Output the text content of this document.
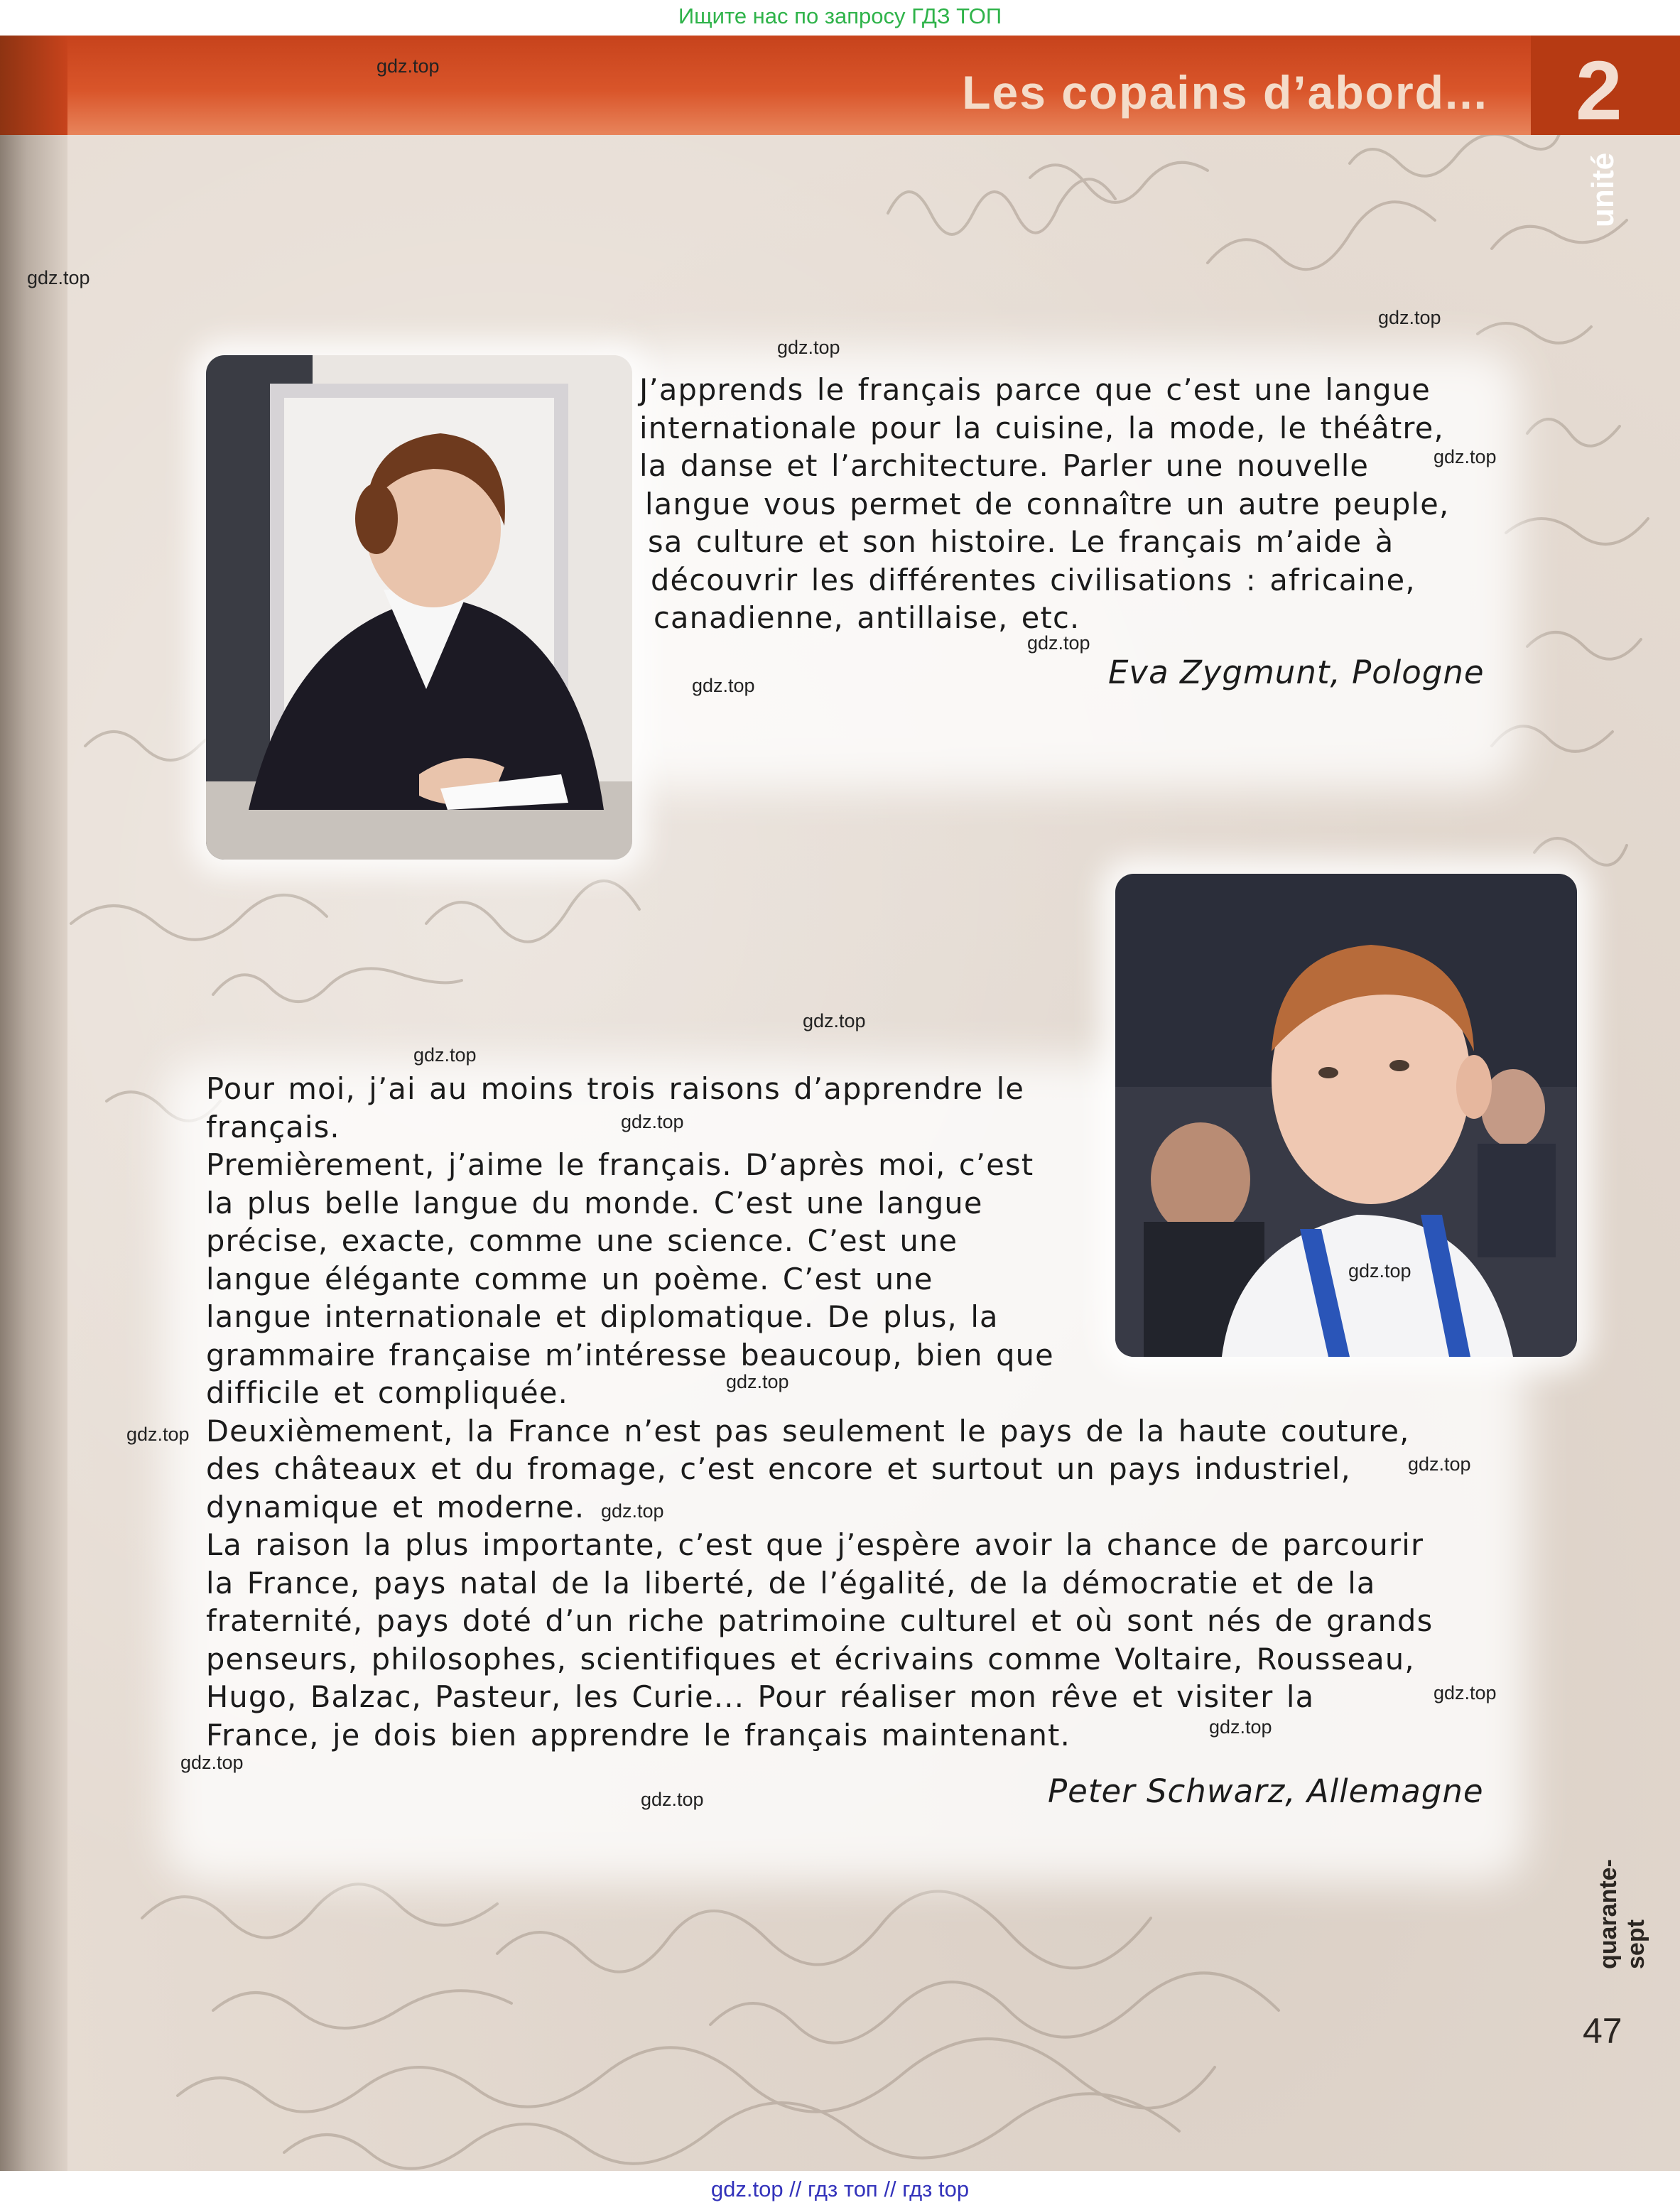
Ищите нас по запросу ГДЗ ТОП
Les copains d’abord... 2
unité

J’apprends le français parce que c’est une langue

internationale pour la cuisine, la mode, le théâtre,

la danse et l’architecture. Parler une nouvelle

langue vous permet de connaître un autre peuple,

sa culture et son histoire. Le français m’aide à

découvrir les différentes civilisations : africaine,

canadienne, antillaise, etc.

Eva Zygmunt, Pologne

Pour moi, j’ai au moins trois raisons d’apprendre le

français.

Premièrement, j’aime le français. D’après moi, c’est

la plus belle langue du monde. C’est une langue

précise, exacte, comme une science. C’est une

langue élégante comme un poème. C’est une

langue internationale et diplomatique. De plus, la

grammaire française m’intéresse beaucoup, bien que

difficile et compliquée.

Deuxièmement, la France n’est pas seulement le pays de la haute couture,

des châteaux et du fromage, c’est encore et surtout un pays industriel,

dynamique et moderne.

La raison la plus importante, c’est que j’espère avoir la chance de parcourir

la France, pays natal de la liberté, de l’égalité, de la démocratie et de la

fraternité, pays doté d’un riche patrimoine culturel et où sont nés de grands

penseurs, philosophes, scientifiques et écrivains comme Voltaire, Rousseau,

Hugo, Balzac, Pasteur, les Curie... Pour réaliser mon rêve et visiter la

France, je dois bien apprendre le français maintenant.

Peter Schwarz, Allemagne
quarante-sept
47
gdz.top
gdz.top
gdz.top
gdz.top
gdz.top
gdz.top
gdz.top
gdz.top
gdz.top
gdz.top
gdz.top
gdz.top
gdz.top
gdz.top
gdz.top
gdz.top
gdz.top
gdz.top
gdz.top
gdz.top // гдз топ // гдз top
